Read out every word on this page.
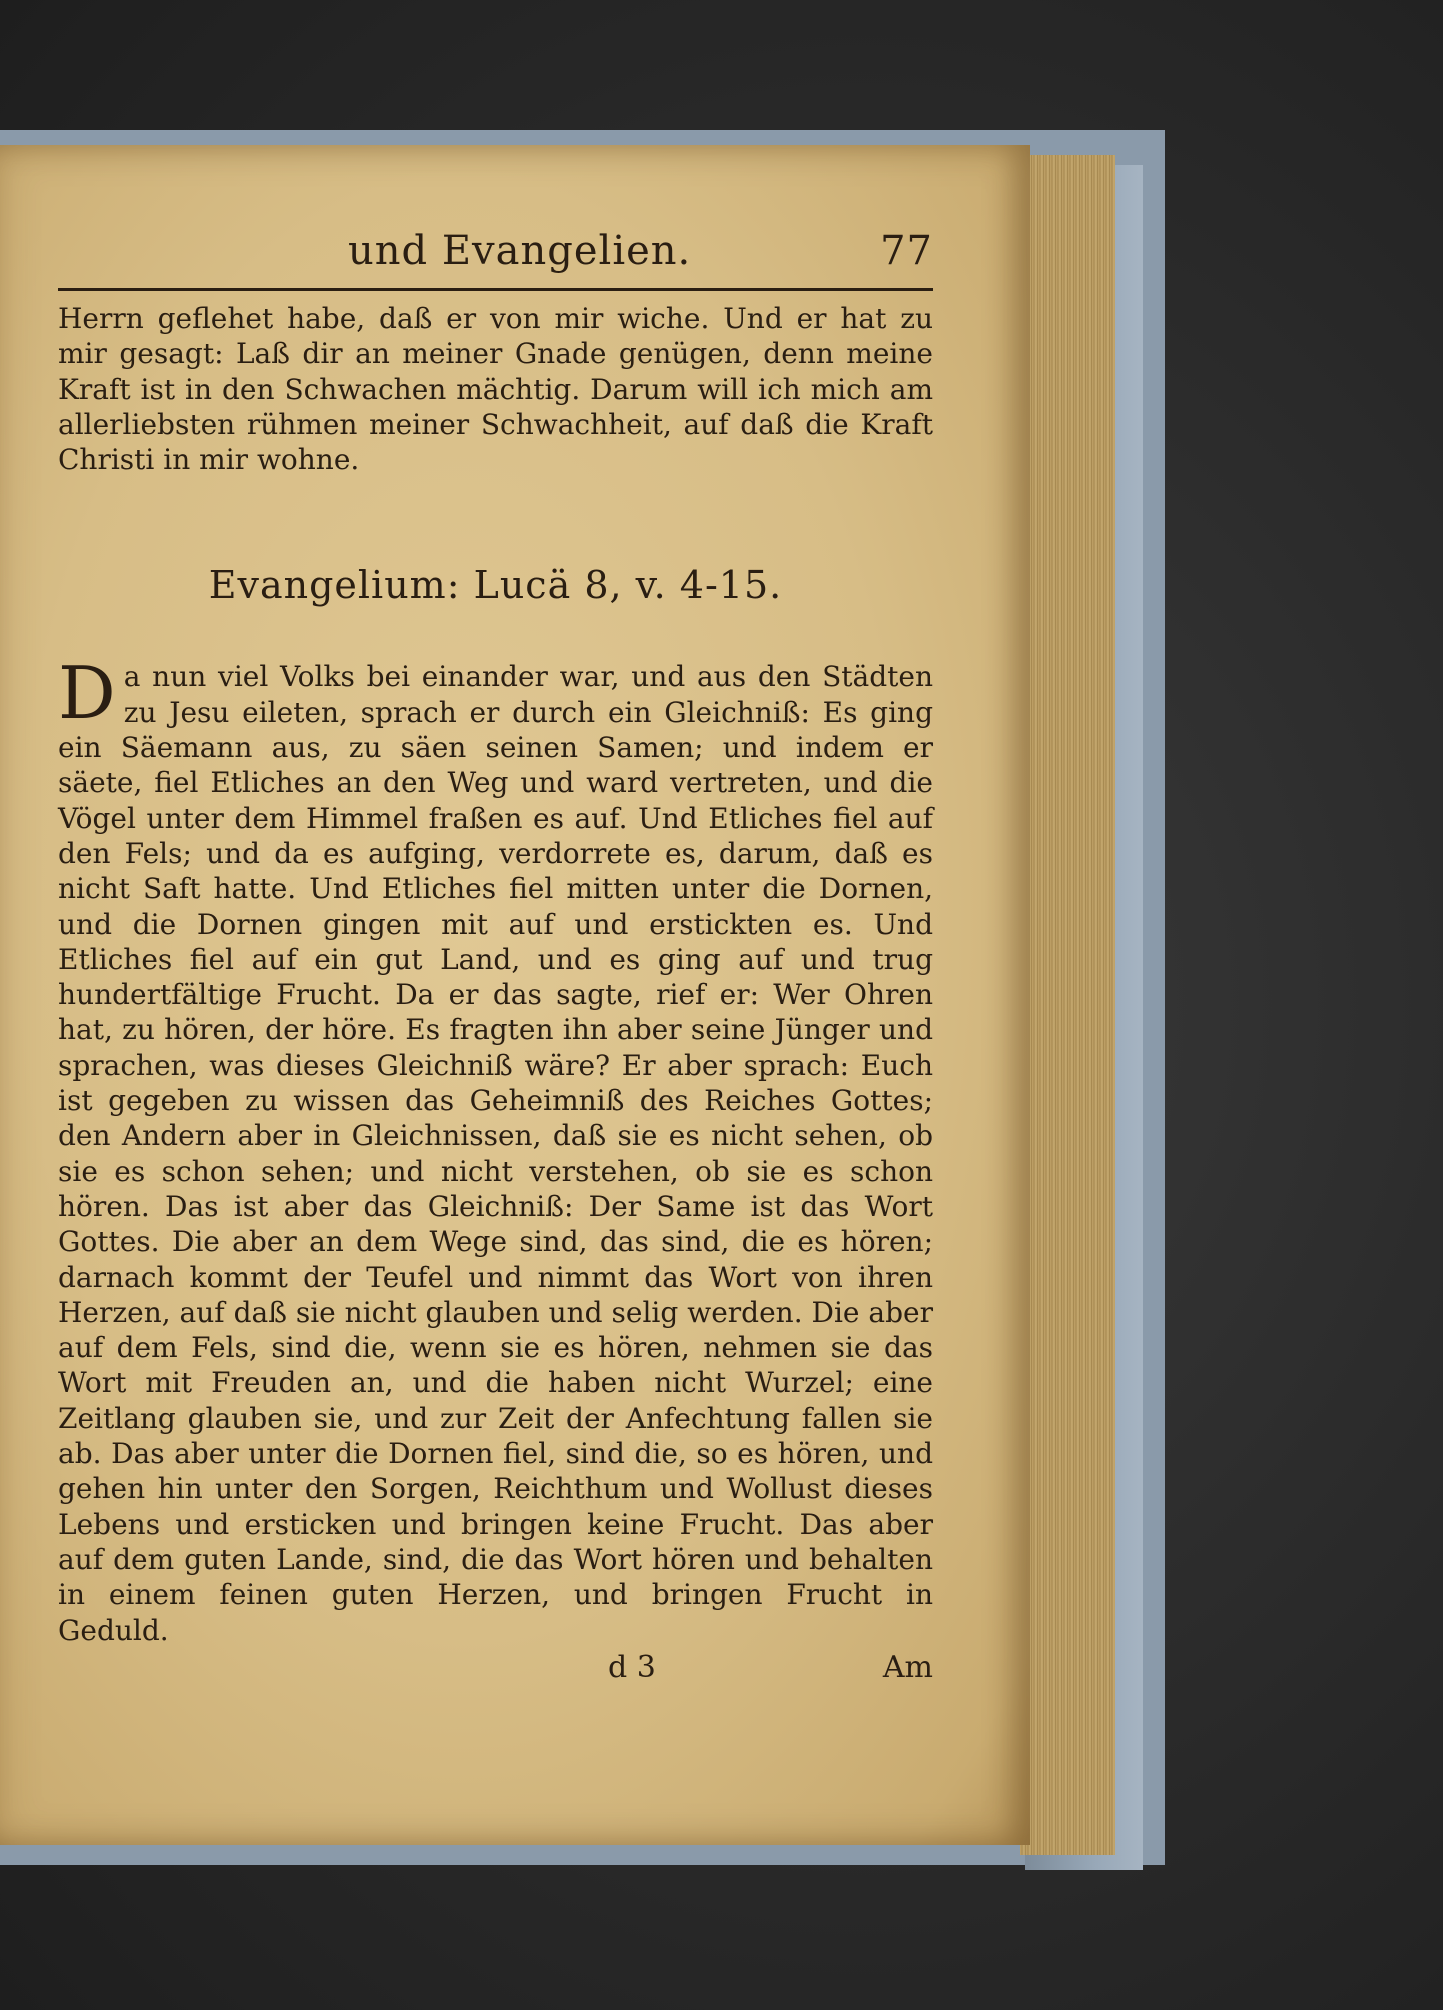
und Evangelien.	77

Herrn geflehet habe, daß er von mir wiche. Und er hat zu mir gesagt: Laß dir an meiner Gnade genügen, denn meine Kraft ist in den Schwachen mächtig. Darum will ich mich am allerliebsten rühmen meiner Schwachheit, auf daß die Kraft Christi in mir wohne.

Evangelium: Lucä 8, v. 4-15.

Da nun viel Volks bei einander war, und aus den Städten zu Jesu eileten, sprach er durch ein Gleichniß: Es ging ein Säemann aus, zu säen seinen Samen; und indem er säete, fiel Etliches an den Weg und ward vertreten, und die Vögel unter dem Himmel fraßen es auf. Und Etliches fiel auf den Fels; und da es aufging, verdorrete es, darum, daß es nicht Saft hatte. Und Etliches fiel mitten unter die Dornen, und die Dornen gingen mit auf und erstickten es. Und Etliches fiel auf ein gut Land, und es ging auf und trug hundertfältige Frucht. Da er das sagte, rief er: Wer Ohren hat, zu hören, der höre. Es fragten ihn aber seine Jünger und sprachen, was dieses Gleichniß wäre? Er aber sprach: Euch ist gegeben zu wissen das Geheimniß des Reiches Gottes; den Andern aber in Gleichnissen, daß sie es nicht sehen, ob sie es schon sehen; und nicht verstehen, ob sie es schon hören. Das ist aber das Gleichniß: Der Same ist das Wort Gottes. Die aber an dem Wege sind, das sind, die es hören; darnach kommt der Teufel und nimmt das Wort von ihren Herzen, auf daß sie nicht glauben und selig werden. Die aber auf dem Fels, sind die, wenn sie es hören, nehmen sie das Wort mit Freuden an, und die haben nicht Wurzel; eine Zeitlang glauben sie, und zur Zeit der Anfechtung fallen sie ab. Das aber unter die Dornen fiel, sind die, so es hören, und gehen hin unter den Sorgen, Reichthum und Wollust dieses Lebens und ersticken und bringen keine Frucht. Das aber auf dem guten Lande, sind, die das Wort hören und behalten in einem feinen guten Herzen, und bringen Frucht in Geduld.

d 3	Am
